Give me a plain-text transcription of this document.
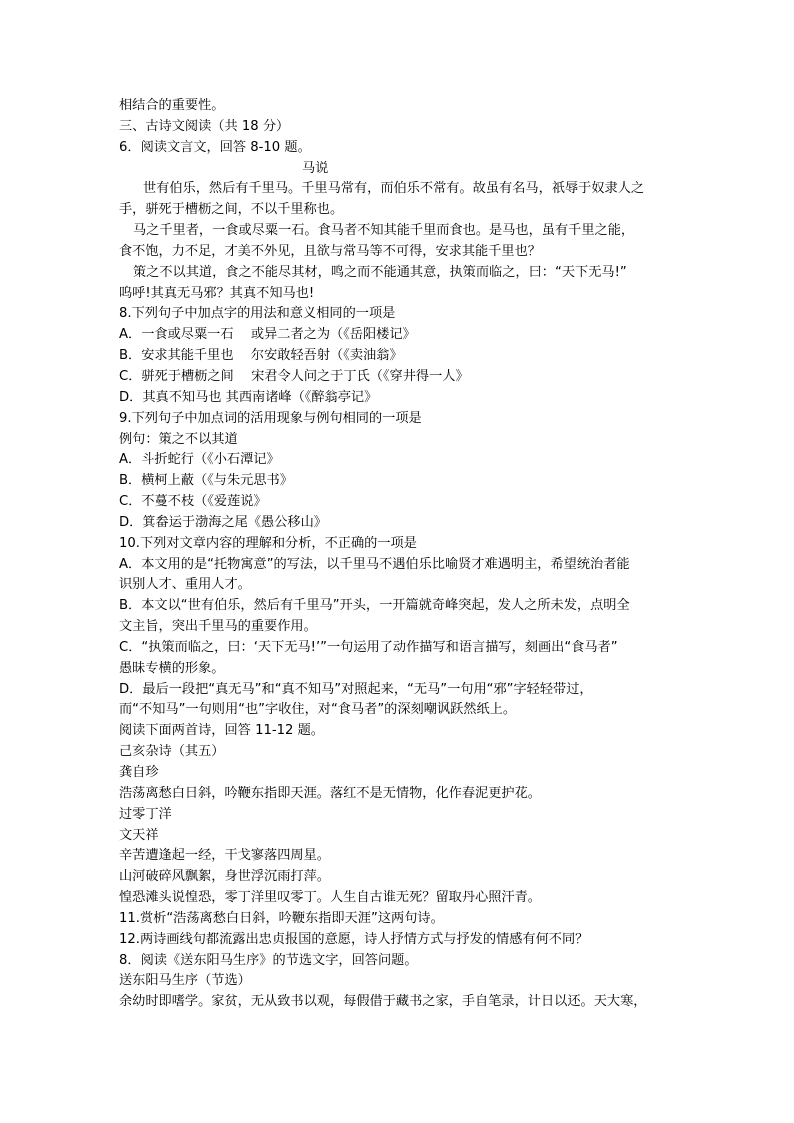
相结合的重要性。
三、古诗文阅读（共 18 分）
6．阅读文言文，回答 8-10 题。
马说
世有伯乐，然后有千里马。千里马常有，而伯乐不常有。故虽有名马，祇辱于奴隶人之
手，骈死于槽枥之间，不以千里称也。
马之千里者，一食或尽粟一石。食马者不知其能千里而食也。是马也，虽有千里之能，
食不饱，力不足，才美不外见，且欲与常马等不可得，安求其能千里也？
策之不以其道，食之不能尽其材，鸣之而不能通其意，执策而临之，曰：“天下无马!”
呜呼!其真无马邪？其真不知马也!
8.下列句子中加点字的用法和意义相同的一项是
A．一食或尽粟一石　 或异二者之为（《岳阳楼记》
B．安求其能千里也　 尔安敢轻吾射（《卖油翁》
C．骈死于槽枥之间　 宋君令人问之于丁氏（《穿井得一人》
D．其真不知马也 其西南诸峰（《醉翁亭记》
9.下列句子中加点词的活用现象与例句相同的一项是
例句：策之不以其道
A．斗折蛇行（《小石潭记》
B．横柯上蔽（《与朱元思书》
C．不蔓不枝（《爱莲说》
D．箕畚运于渤海之尾《愚公移山》
10.下列对文章内容的理解和分析，不正确的一项是
A．本文用的是“托物寓意”的写法，以千里马不遇伯乐比喻贤才难遇明主，希望统治者能
识别人才、重用人才。
B．本文以“世有伯乐，然后有千里马”开头，一开篇就奇峰突起，发人之所未发，点明全
文主旨，突出千里马的重要作用。
C．“执策而临之，曰：‘天下无马!’”一句运用了动作描写和语言描写，刻画出“食马者”
愚昧专横的形象。
D．最后一段把“真无马”和“真不知马”对照起来，“无马”一句用“邪”字轻轻带过，
而“不知马”一句则用“也”字收住，对“食马者”的深刻嘲讽跃然纸上。
阅读下面两首诗，回答 11-12 题。
己亥杂诗（其五）
龚自珍
浩荡离愁白日斜，吟鞭东指即天涯。落红不是无情物，化作春泥更护花。
过零丁洋
文天祥
辛苦遭逢起一经，干戈寥落四周星。
山河破碎风飘絮，身世浮沉雨打萍。
惶恐滩头说惶恐，零丁洋里叹零丁。人生自古谁无死？留取丹心照汗青。
11.赏析“浩荡离愁白日斜，吟鞭东指即天涯”这两句诗。
12.两诗画线句都流露出忠贞报国的意愿，诗人抒情方式与抒发的情感有何不同？
8．阅读《送东阳马生序》的节选文字，回答问题。
送东阳马生序（节选）
余幼时即嗜学。家贫，无从致书以观，每假借于藏书之家，手自笔录，计日以还。天大寒，
